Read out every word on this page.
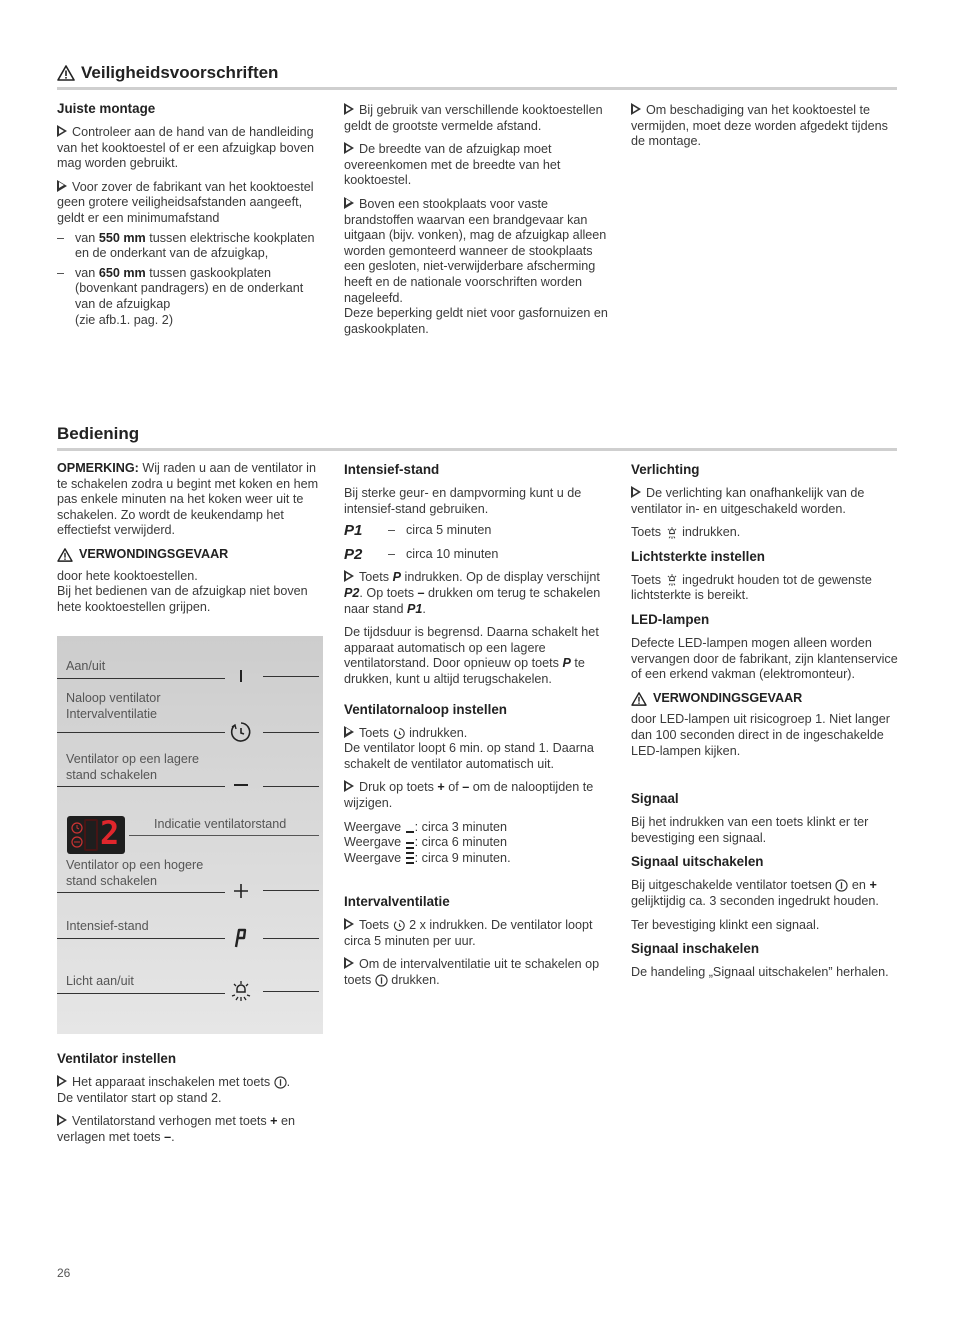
Veiligheidsvoorschriften
Juiste montage

Controleer aan de hand van de handleiding van het kooktoestel of er een afzuigkap boven mag worden gebruikt.

Voor zover de fabrikant van het kooktoestel geen grotere veiligheidsafstanden aangeeft, geldt er een minimumafstand

– van 550 mm tussen elektrische kookplaten en de onderkant van de afzuigkap,
– van 650 mm tussen gaskookplaten (bovenkant pandragers) en de onderkant van de afzuigkap
(zie afb.1. pag. 2)

Bij gebruik van verschillende kooktoestellen geldt de grootste vermelde afstand.

De breedte van de afzuigkap moet overeenkomen met de breedte van het kooktoestel.

Boven een stookplaats voor vaste brandstoffen waarvan een brandgevaar kan uitgaan (bijv. vonken), mag de afzuigkap alleen worden gemonteerd wanneer de stookplaats een gesloten, niet-verwijderbare afscherming heeft en de nationale voorschriften worden nageleefd.

Deze beperking geldt niet voor gasfornuizen en gaskookplaten.

Om beschadiging van het kooktoestel te vermijden, moet deze worden afgedekt tijdens de montage.

Bediening

OPMERKING: Wij raden u aan de ventilator in te schakelen zodra u begint met koken en hem pas enkele minuten na het koken weer uit te schakelen. Zo wordt de keukendamp het effectiefst verwijderd.

VERWONDINGSGEVAAR

door hete kooktoestellen.
Bij het bedienen van de afzuigkap niet boven hete kooktoestellen grijpen.

Aan/uit
Naloop ventilator
Intervalventilatie
Ventilator op een lagere
stand schakelen
2	Indicatie ventilatorstand
Ventilator op een hogere
stand schakelen
Intensief-stand
Licht aan/uit
Ventilator instellen

Het apparaat inschakelen met toets .
De ventilator start op stand 2.

Ventilatorstand verhogen met toets + en verlagen met toets –.

Intensief-stand

Bij sterke geur- en dampvorming kunt u de intensief-stand gebruiken.

P1	– circa 5 minuten
P2	– circa 10 minuten

Toets P indrukken. Op de display verschijnt P2. Op toets – drukken om terug te schakelen naar stand P1.

De tijdsduur is begrensd. Daarna schakelt het apparaat automatisch op een lagere ventilatorstand. Door opnieuw op toets P te drukken, kunt u altijd terugschakelen.

Ventilatornaloop instellen

Toets  indrukken.
De ventilator loopt 6 min. op stand 1. Daarna schakelt de ventilator automatisch uit.

Druk op toets + of – om de nalooptijden te wijzigen.

Weergave : circa 3 minuten
Weergave : circa 6 minuten
Weergave : circa 9 minuten.
Intervalventilatie

Toets  2 x indrukken. De ventilator loopt circa 5 minuten per uur.

Om de intervalventilatie uit te schakelen op toets  drukken.

Verlichting

De verlichting kan onafhankelijk van de ventilator in- en uitgeschakeld worden.

Toets  indrukken.

Lichtsterkte instellen

Toets  ingedrukt houden tot de gewenste lichtsterkte is bereikt.

LED-lampen

Defecte LED-lampen mogen alleen worden vervangen door de fabrikant, zijn klantenservice of een erkend vakman (elektromonteur).

VERWONDINGSGEVAAR

door LED-lampen uit risicogroep 1. Niet langer dan 100 seconden direct in de ingeschakelde LED-lampen kijken.

Signaal

Bij het indrukken van een toets klinkt er ter bevestiging een signaal.

Signaal uitschakelen

Bij uitgeschakelde ventilator toetsen  en + gelijktijdig ca. 3 seconden ingedrukt houden.

Ter bevestiging klinkt een signaal.

Signaal inschakelen

De handeling „Signaal uitschakelen” herhalen.

26
